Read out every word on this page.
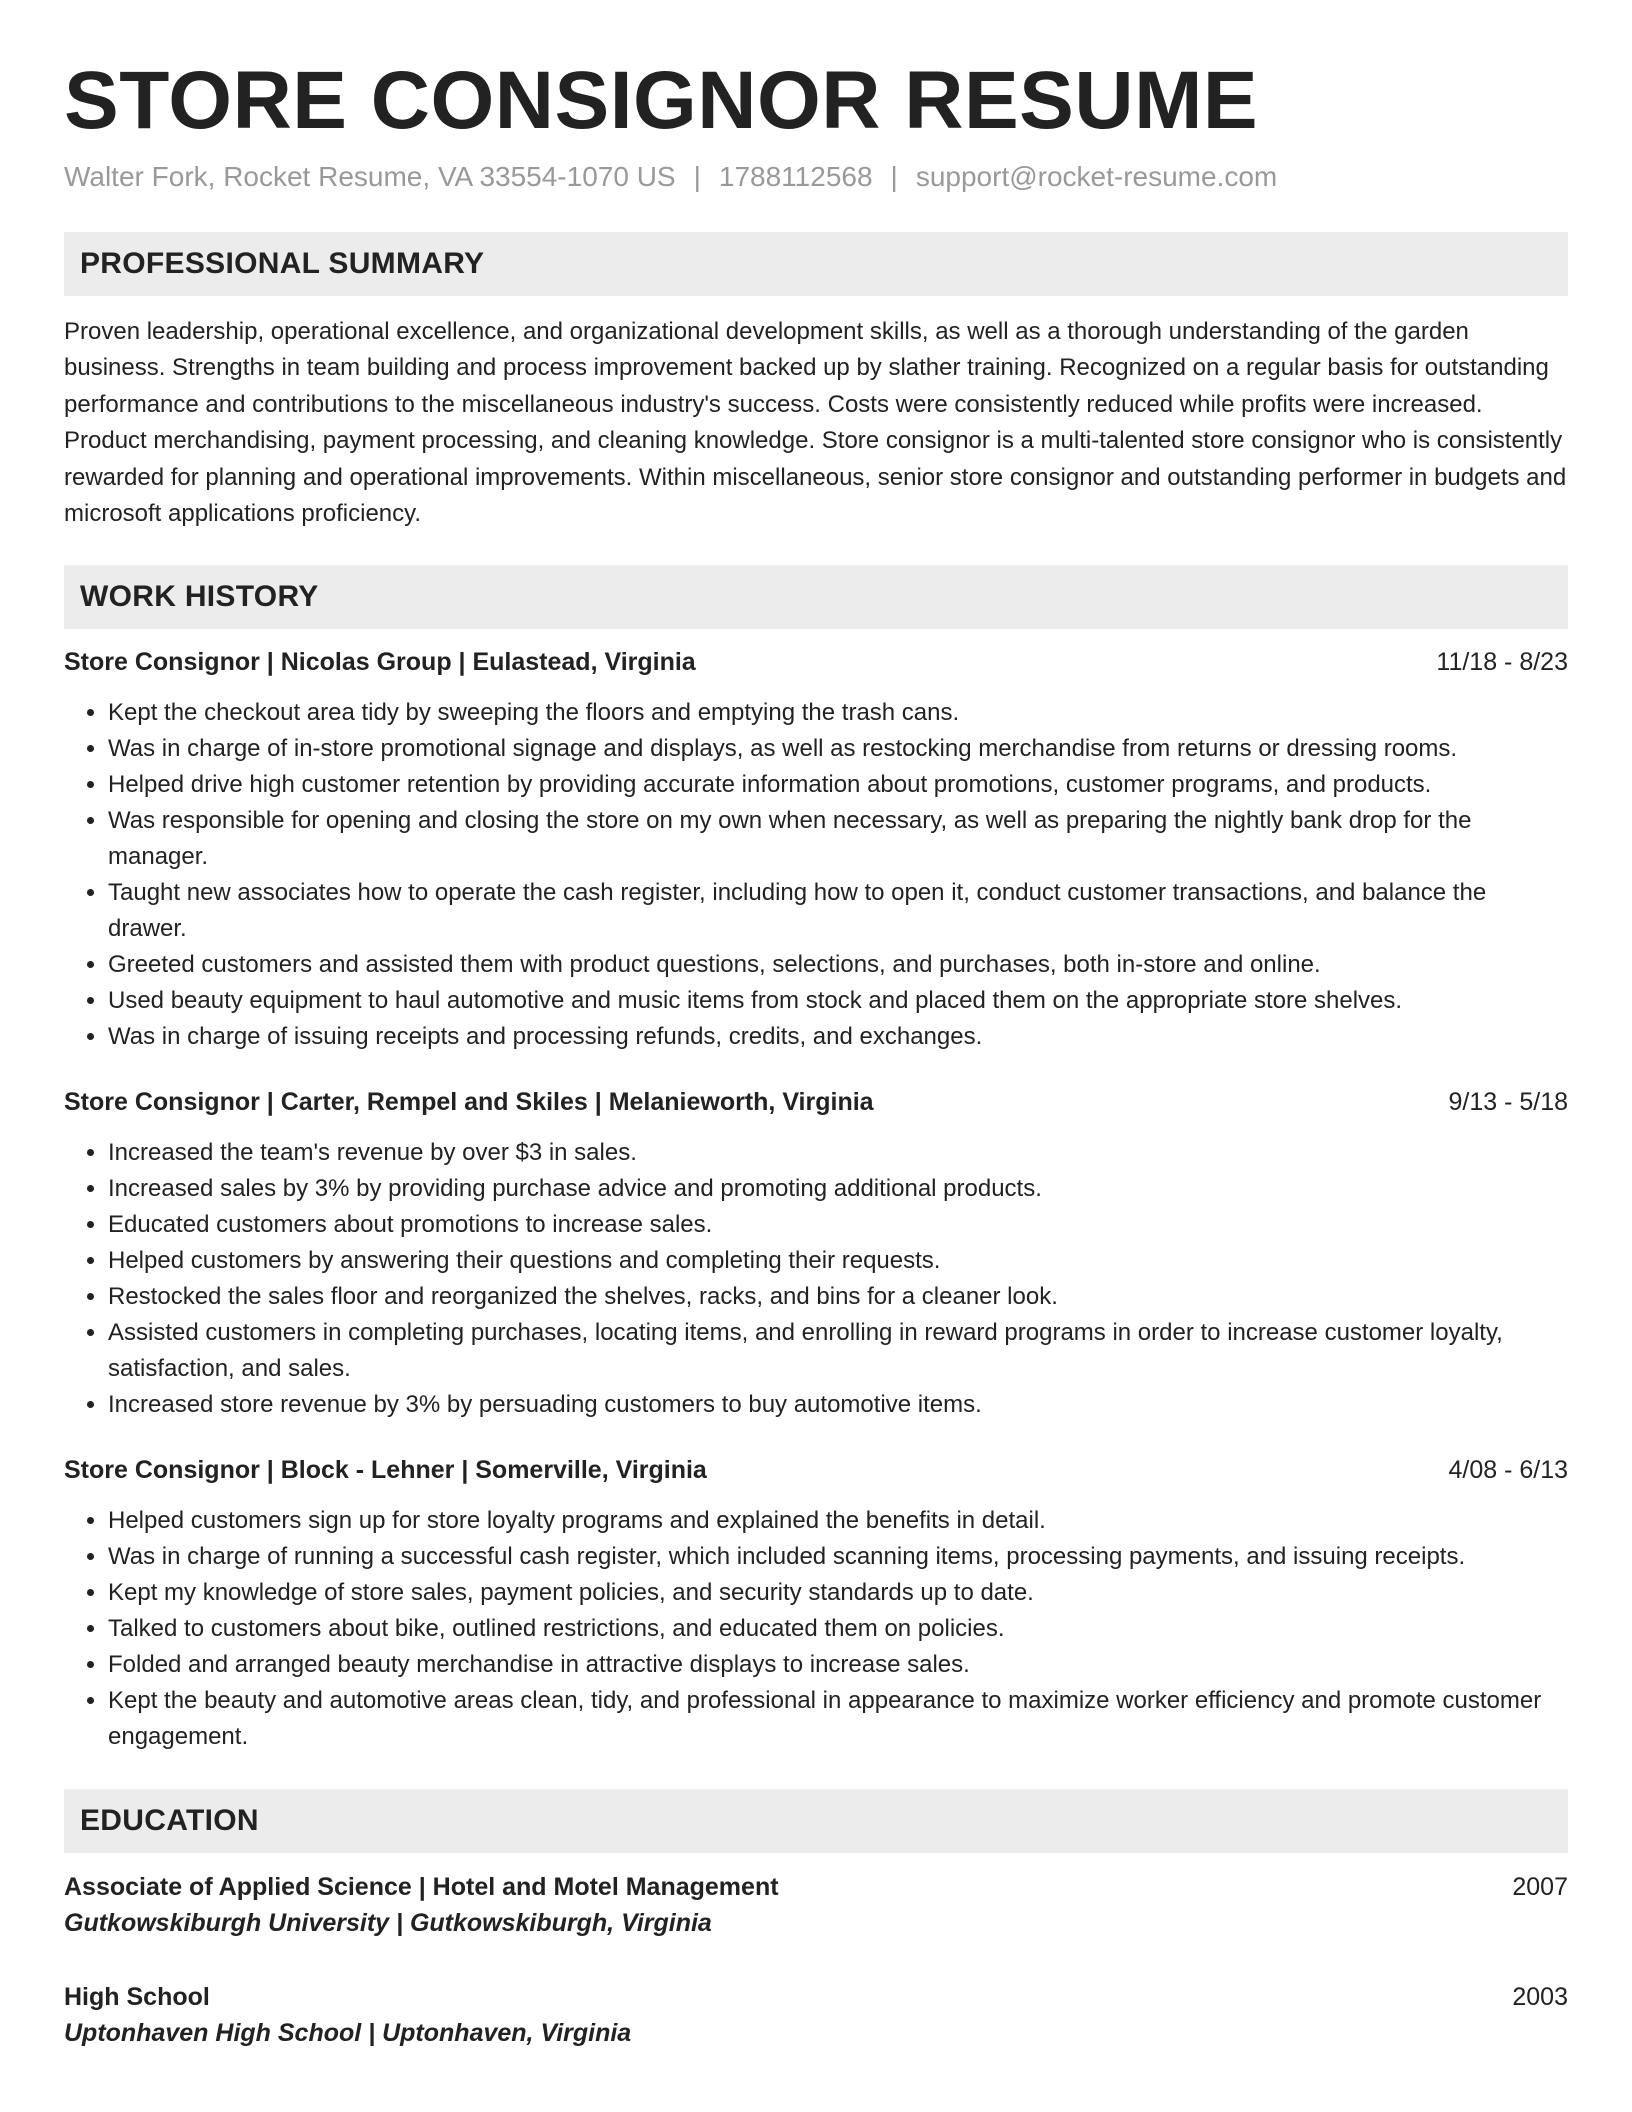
STORE CONSIGNOR RESUME
Walter Fork, Rocket Resume, VA 33554-1070 US | 1788112568 | support@rocket-resume.com
PROFESSIONAL SUMMARY

Proven leadership, operational excellence, and organizational development skills, as well as a thorough understanding of the garden business. Strengths in team building and process improvement backed up by slather training. Recognized on a regular basis for outstanding performance and contributions to the miscellaneous industry's success. Costs were consistently reduced while profits were increased. Product merchandising, payment processing, and cleaning knowledge. Store consignor is a multi-talented store consignor who is consistently rewarded for planning and operational improvements. Within miscellaneous, senior store consignor and outstanding performer in budgets and microsoft applications proficiency.

WORK HISTORY
Store Consignor | Nicolas Group | Eulastead, Virginia	11/18 - 8/23
• Kept the checkout area tidy by sweeping the floors and emptying the trash cans.
• Was in charge of in-store promotional signage and displays, as well as restocking merchandise from returns or dressing rooms.
• Helped drive high customer retention by providing accurate information about promotions, customer programs, and products.
• Was responsible for opening and closing the store on my own when necessary, as well as preparing the nightly bank drop for the manager.
• Taught new associates how to operate the cash register, including how to open it, conduct customer transactions, and balance the drawer.
• Greeted customers and assisted them with product questions, selections, and purchases, both in-store and online.
• Used beauty equipment to haul automotive and music items from stock and placed them on the appropriate store shelves.
• Was in charge of issuing receipts and processing refunds, credits, and exchanges.
Store Consignor | Carter, Rempel and Skiles | Melanieworth, Virginia	9/13 - 5/18
• Increased the team's revenue by over $3 in sales.
• Increased sales by 3% by providing purchase advice and promoting additional products.
• Educated customers about promotions to increase sales.
• Helped customers by answering their questions and completing their requests.
• Restocked the sales floor and reorganized the shelves, racks, and bins for a cleaner look.
• Assisted customers in completing purchases, locating items, and enrolling in reward programs in order to increase customer loyalty, satisfaction, and sales.
• Increased store revenue by 3% by persuading customers to buy automotive items.
Store Consignor | Block - Lehner | Somerville, Virginia	4/08 - 6/13
• Helped customers sign up for store loyalty programs and explained the benefits in detail.
• Was in charge of running a successful cash register, which included scanning items, processing payments, and issuing receipts.
• Kept my knowledge of store sales, payment policies, and security standards up to date.
• Talked to customers about bike, outlined restrictions, and educated them on policies.
• Folded and arranged beauty merchandise in attractive displays to increase sales.
• Kept the beauty and automotive areas clean, tidy, and professional in appearance to maximize worker efficiency and promote customer engagement.
EDUCATION
Associate of Applied Science | Hotel and Motel Management	2007
Gutkowskiburgh University | Gutkowskiburgh, Virginia
High School	2003
Uptonhaven High School | Uptonhaven, Virginia
